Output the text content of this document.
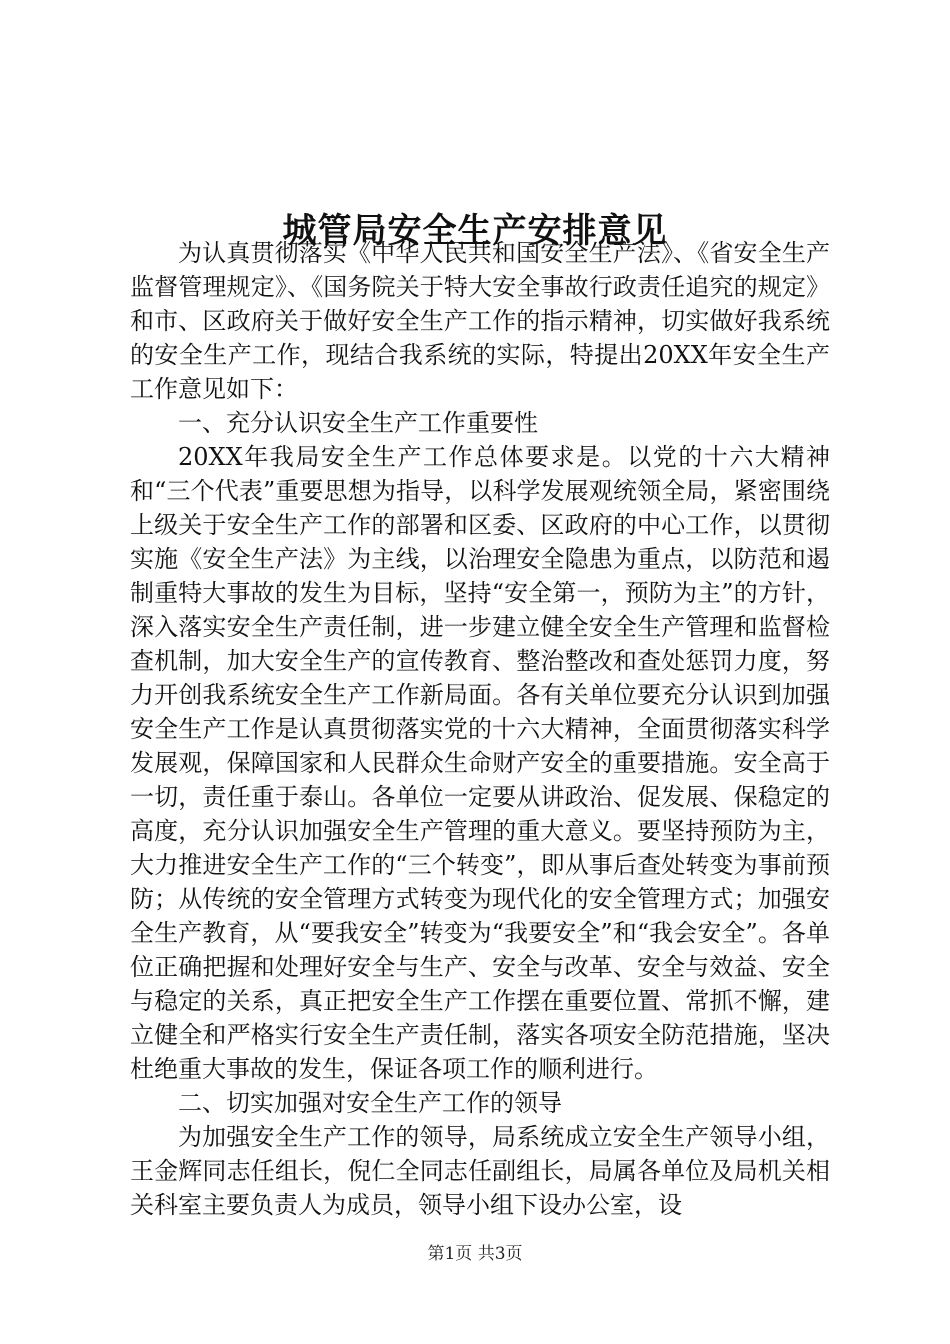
城管局安全生产安排意见

为认真贯彻落实《中华人民共和国安全生产法》、《省安全生产监督管理规定》、《国务院关于特大安全事故行政责任追究的规定》和市、区政府关于做好安全生产工作的指示精神，切实做好我系统的安全生产工作，现结合我系统的实际，特提出20XX年安全生产工作意见如下：

一、充分认识安全生产工作重要性

20XX年我局安全生产工作总体要求是。以党的十六大精神和“三个代表”重要思想为指导，以科学发展观统领全局，紧密围绕上级关于安全生产工作的部署和区委、区政府的中心工作，以贯彻实施《安全生产法》为主线，以治理安全隐患为重点，以防范和遏制重特大事故的发生为目标，坚持“安全第一，预防为主”的方针，深入落实安全生产责任制，进一步建立健全安全生产管理和监督检查机制，加大安全生产的宣传教育、整治整改和查处惩罚力度，努力开创我系统安全生产工作新局面。各有关单位要充分认识到加强安全生产工作是认真贯彻落实党的十六大精神，全面贯彻落实科学发展观，保障国家和人民群众生命财产安全的重要措施。安全高于一切，责任重于泰山。各单位一定要从讲政治、促发展、保稳定的高度，充分认识加强安全生产管理的重大意义。要坚持预防为主，大力推进安全生产工作的“三个转变”，即从事后查处转变为事前预防；从传统的安全管理方式转变为现代化的安全管理方式；加强安全生产教育，从“要我安全”转变为“我要安全”和“我会安全”。各单位正确把握和处理好安全与生产、安全与改革、安全与效益、安全与稳定的关系，真正把安全生产工作摆在重要位置、常抓不懈，建立健全和严格实行安全生产责任制，落实各项安全防范措施，坚决杜绝重大事故的发生，保证各项工作的顺利进行。

二、切实加强对安全生产工作的领导

为加强安全生产工作的领导，局系统成立安全生产领导小组，王金辉同志任组长，倪仁全同志任副组长，局属各单位及局机关相关科室主要负责人为成员，领导小组下设办公室，设

第1页 共3页
